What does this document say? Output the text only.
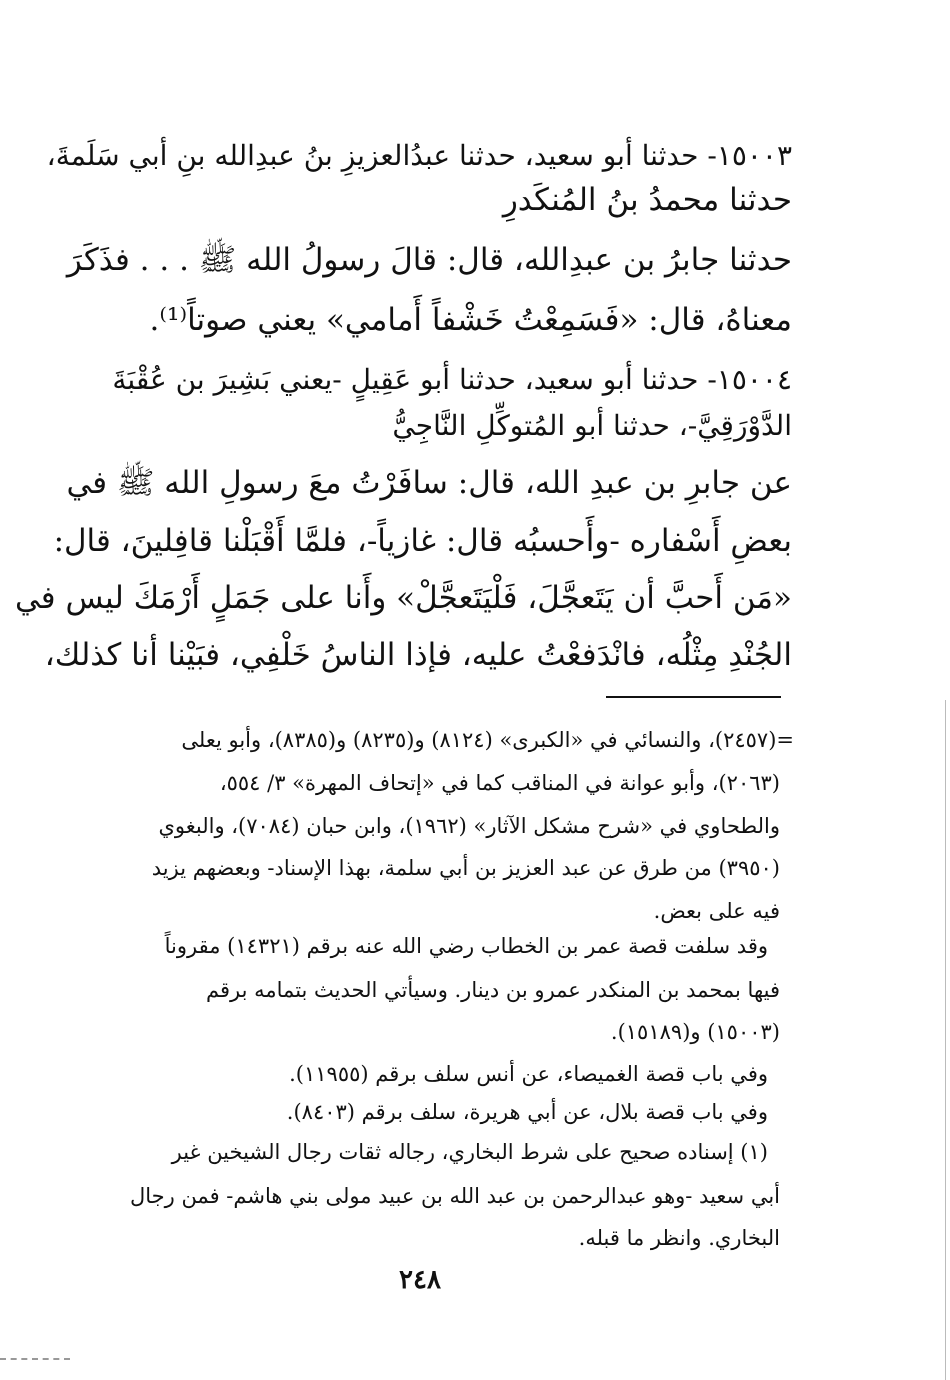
١٥٠٠٣- حدثنا أبو سعيد، حدثنا عبدُالعزيزِ بنُ عبدِالله بنِ أبي سَلَمةَ،
حدثنا محمدُ بنُ المُنكَدرِ
حدثنا جابرُ بن عبدِالله، قال: قالَ رسولُ الله ﷺ . . . فذَكَرَ
معناهُ، قال: «فَسَمِعْتُ خَشْفاً أَمامي» يعني صوتاً⁽¹⁾.
١٥٠٠٤- حدثنا أبو سعيد، حدثنا أبو عَقِيلٍ -يعني بَشِيرَ بن عُقْبَةَ
الدَّوْرَقِيَّ-، حدثنا أبو المُتوكِّلِ النَّاجِيُّ
عن جابرِ بن عبدِ الله، قال: سافَرْتُ معَ رسولِ الله ﷺ في
بعضِ أَسْفاره -وأَحسبُه قال: غازياً-، فلمَّا أَقْبَلْنا قافِلينَ، قال:
«مَن أَحبَّ أن يَتَعجَّلَ، فَلْيَتَعجَّلْ» وأَنا على جَمَلٍ أَرْمَكَ ليس في
الجُنْدِ مِثْلُه، فانْدَفعْتُ عليه، فإذا الناسُ خَلْفِي، فبَيْنا أنا كذلك،
=(٢٤٥٧)، والنسائي في «الكبرى» (٨١٢٤) و(٨٢٣٥) و(٨٣٨٥)، وأبو يعلى
(٢٠٦٣)، وأبو عوانة في المناقب كما في «إتحاف المهرة» ٣/ ٥٥٤،
والطحاوي في «شرح مشكل الآثار» (١٩٦٢)، وابن حبان (٧٠٨٤)، والبغوي
(٣٩٥٠) من طرق عن عبد العزيز بن أبي سلمة، بهذا الإسناد- وبعضهم يزيد
فيه على بعض.
وقد سلفت قصة عمر بن الخطاب رضي الله عنه برقم (١٤٣٢١) مقروناً
فيها بمحمد بن المنكدر عمرو بن دينار. وسيأتي الحديث بتمامه برقم
(١٥٠٠٣) و(١٥١٨٩).
وفي باب قصة الغميصاء، عن أنس سلف برقم (١١٩٥٥).
وفي باب قصة بلال، عن أبي هريرة، سلف برقم (٨٤٠٣).
(١) إسناده صحيح على شرط البخاري، رجاله ثقات رجال الشيخين غير
أبي سعيد -وهو عبدالرحمن بن عبد الله بن عبيد مولى بني هاشم- فمن رجال
البخاري. وانظر ما قبله.
٢٤٨
